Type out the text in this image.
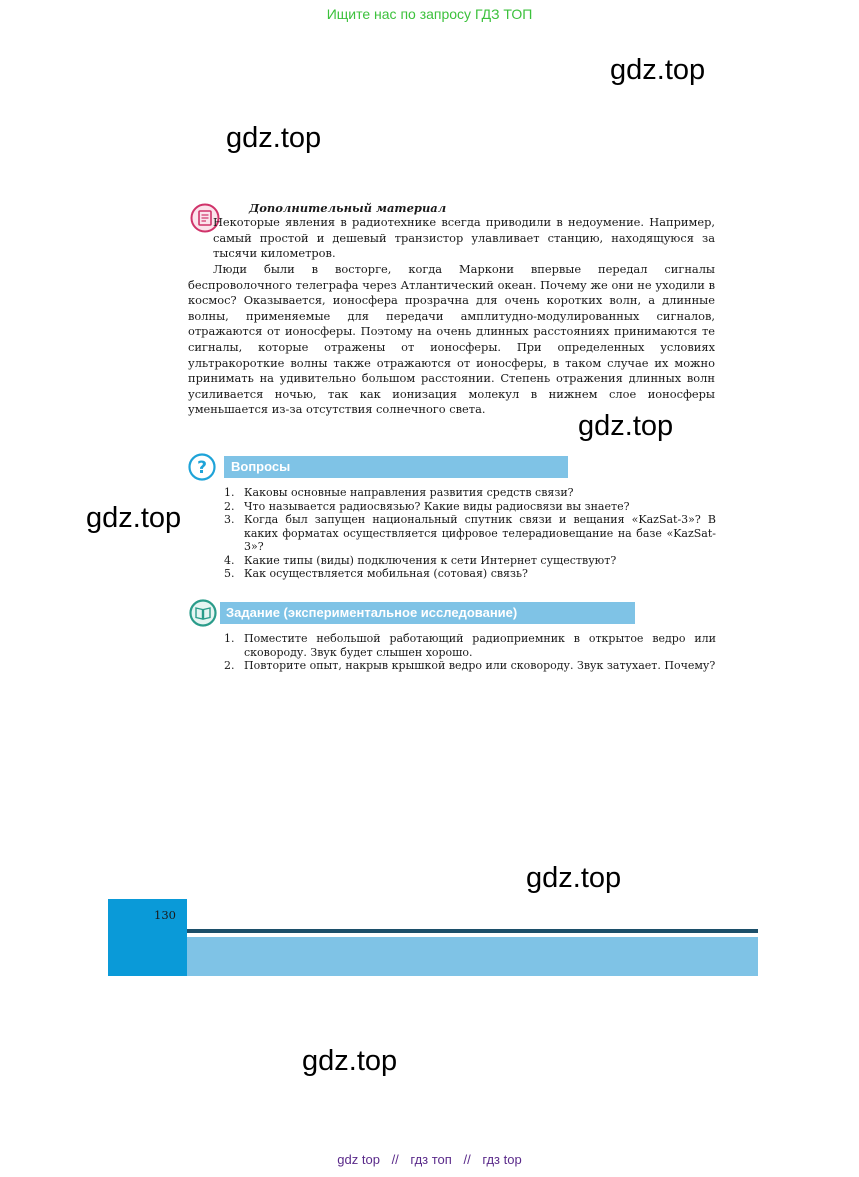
Ищите нас по запросу ГДЗ ТОП
gdz.top
gdz.top
gdz.top
gdz.top
gdz.top
gdz.top
Дополнительный материал
Некоторые явления в радиотехнике всегда приводили в недоумение. Например, самый простой и дешевый транзистор улавливает станцию, находящуюся за тысячи километров.
Люди были в восторге, когда Маркони впервые передал сигналы беспроволочного телеграфа через Атлантический океан. Почему же они не уходили в космос? Оказывается, ионосфера прозрачна для очень коротких волн, а длинные волны, применяемые для передачи амплитудно-модулированных сигналов, отражаются от ионосферы. Поэтому на очень длинных расстояниях принимаются те сигналы, которые отражены от ионосферы. При определенных условиях ультракороткие волны также отражаются от ионосферы, в таком случае их можно принимать на удивительно большом расстоянии. Степень отражения длинных волн усиливается ночью, так как ионизация молекул в нижнем слое ионосферы уменьшается из-за отсутствия солнечного света.
?	Вопросы
1. Каковы основные направления развития средств связи?
2. Что называется радиосвязью? Какие виды радиосвязи вы знаете?
3. Когда был запущен национальный спутник связи и вещания «KazSat-3»? В каких форматах осуществляется цифровое телерадиовещание на базе «KazSat-3»?
4. Какие типы (виды) подключения к сети Интернет существуют?
5. Как осуществляется мобильная (сотовая) связь?
Задание (экспериментальное исследование)
1. Поместите небольшой работающий радиоприемник в открытое ведро или сковороду. Звук будет слышен хорошо.
2. Повторите опыт, накрыв крышкой ведро или сковороду. Звук затухает. Почему?
130
gdz top // гдз топ // гдз top
